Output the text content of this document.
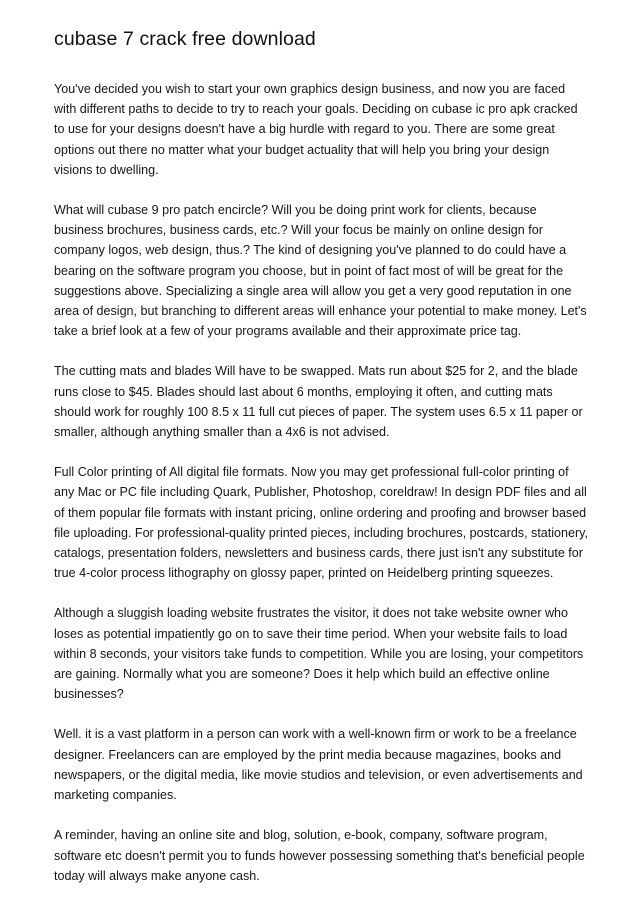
cubase 7 crack free download

You've decided you wish to start your own graphics design business, and now you are faced with different paths to decide to try to reach your goals. Deciding on cubase ic pro apk cracked to use for your designs doesn't have a big hurdle with regard to you. There are some great options out there no matter what your budget actuality that will help you bring your design visions to dwelling.

What will cubase 9 pro patch encircle? Will you be doing print work for clients, because business brochures, business cards, etc.? Will your focus be mainly on online design for company logos, web design, thus.? The kind of designing you've planned to do could have a bearing on the software program you choose, but in point of fact most of will be great for the suggestions above. Specializing a single area will allow you get a very good reputation in one area of design, but branching to different areas will enhance your potential to make money. Let's take a brief look at a few of your programs available and their approximate price tag.

The cutting mats and blades Will have to be swapped. Mats run about $25 for 2, and the blade runs close to $45. Blades should last about 6 months, employing it often, and cutting mats should work for roughly 100 8.5 x 11 full cut pieces of paper. The system uses 6.5 x 11 paper or smaller, although anything smaller than a 4x6 is not advised.

Full Color printing of All digital file formats. Now you may get professional full-color printing of any Mac or PC file including Quark, Publisher, Photoshop, coreldraw! In design PDF files and all of them popular file formats with instant pricing, online ordering and proofing and browser based file uploading. For professional-quality printed pieces, including brochures, postcards, stationery, catalogs, presentation folders, newsletters and business cards, there just isn't any substitute for true 4-color process lithography on glossy paper, printed on Heidelberg printing squeezes.

Although a sluggish loading website frustrates the visitor, it does not take website owner who loses as potential impatiently go on to save their time period. When your website fails to load within 8 seconds, your visitors take funds to competition. While you are losing, your competitors are gaining. Normally what you are someone? Does it help which build an effective online businesses?

Well. it is a vast platform in a person can work with a well-known firm or work to be a freelance designer. Freelancers can are employed by the print media because magazines, books and newspapers, or the digital media, like movie studios and television, or even advertisements and marketing companies.

A reminder, having an online site and blog, solution, e-book, company, software program, software etc doesn't permit you to funds however possessing something that's beneficial people today will always make anyone cash.
